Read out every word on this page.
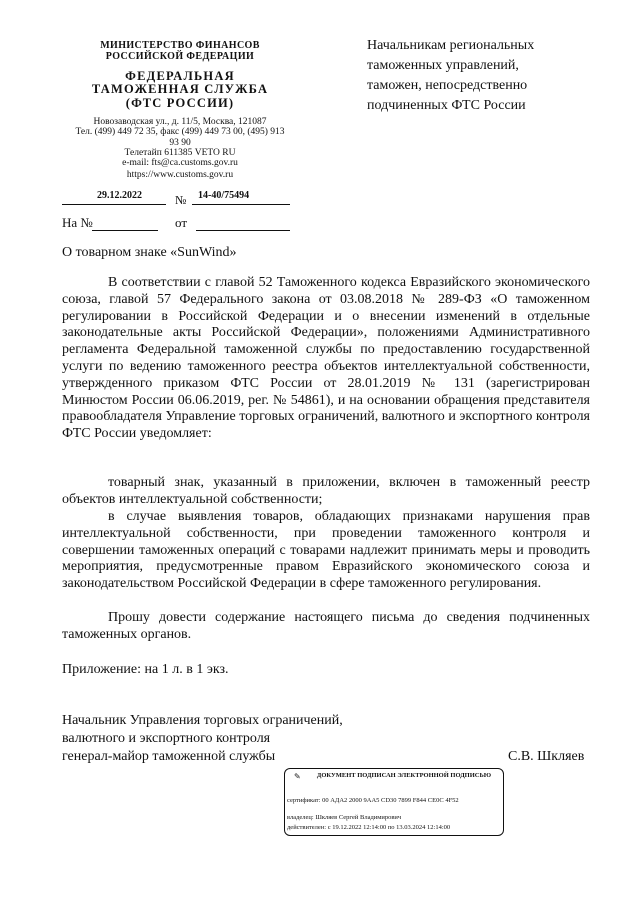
МИНИСТЕРСТВО ФИНАНСОВ РОССИЙСКОЙ ФЕДЕРАЦИИ
ФЕДЕРАЛЬНАЯ ТАМОЖЕННАЯ СЛУЖБА
(ФТС РОССИИ)
Новозаводская ул., д. 11/5, Москва, 121087
Тел. (499) 449 72 35, факс (499) 449 73 00, (495) 913 93 90
Телетайп 611385 VETO RU
e-mail: fts@ca.customs.gov.ru
https://www.customs.gov.ru
29.12.2022	№ 14-40/75494
На №	от
Начальникам региональных таможенных управлений, таможен, непосредственно подчиненных ФТС России
О товарном знаке «SunWind»
В соответствии с главой 52 Таможенного кодекса Евразийского экономического союза, главой 57 Федерального закона от 03.08.2018 № 289-ФЗ «О таможенном регулировании в Российской Федерации и о внесении изменений в отдельные законодательные акты Российской Федерации», положениями Административного регламента Федеральной таможенной службы по предоставлению государственной услуги по ведению таможенного реестра объектов интеллектуальной собственности, утвержденного приказом ФТС России от 28.01.2019 № 131 (зарегистрирован Минюстом России 06.06.2019, рег. № 54861), и на основании обращения представителя правообладателя Управление торговых ограничений, валютного и экспортного контроля ФТС России уведомляет:
товарный знак, указанный в приложении, включен в таможенный реестр объектов интеллектуальной собственности;
в случае выявления товаров, обладающих признаками нарушения прав интеллектуальной собственности, при проведении таможенного контроля и совершении таможенных операций с товарами надлежит принимать меры и проводить мероприятия, предусмотренные правом Евразийского экономического союза и законодательством Российской Федерации в сфере таможенного регулирования.
Прошу довести содержание настоящего письма до сведения подчиненных таможенных органов.
Приложение: на 1 л. в 1 экз.
Начальник Управления торговых ограничений,
валютного и экспортного контроля
генерал-майор таможенной службы	С.В. Шкляев
✎	ДОКУМЕНТ ПОДПИСАН ЭЛЕКТРОННОЙ ПОДПИСЬЮ
сертификат: 00 АДА2 2000 9АА5 CD30 7899 F844 CE0C 4F52
владелец: Шкляев Сергей Владимирович
действителен: с 19.12.2022 12:14:00 по 13.03.2024 12:14:00
